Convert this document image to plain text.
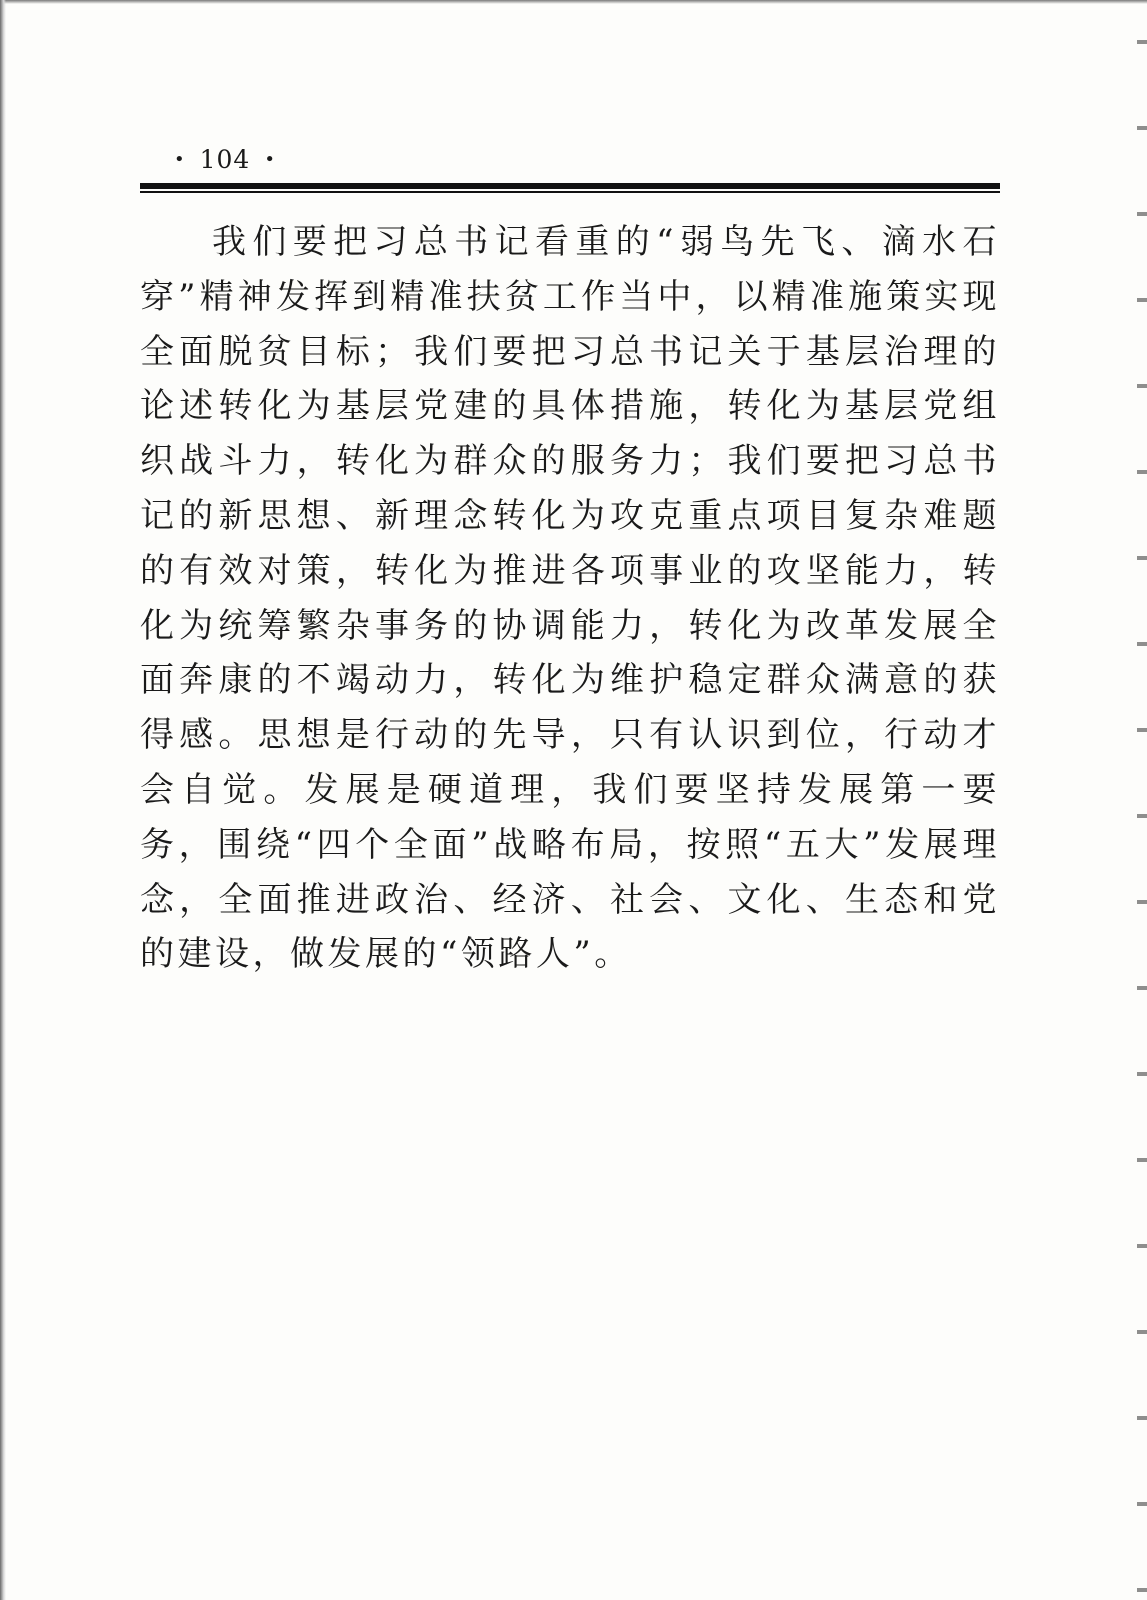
• 104 •

我们要把习总书记看重的“弱鸟先飞、滴水石穿”精神发挥到精准扶贫工作当中，以精准施策实现全面脱贫目标；我们要把习总书记关于基层治理的论述转化为基层党建的具体措施，转化为基层党组织战斗力，转化为群众的服务力；我们要把习总书记的新思想、新理念转化为攻克重点项目复杂难题的有效对策，转化为推进各项事业的攻坚能力，转化为统筹繁杂事务的协调能力，转化为改革发展全面奔康的不竭动力，转化为维护稳定群众满意的获得感。思想是行动的先导，只有认识到位，行动才会自觉。发展是硬道理，我们要坚持发展第一要务，围绕“四个全面”战略布局，按照“五大”发展理念，全面推进政治、经济、社会、文化、生态和党的建设，做发展的“领路人”。
